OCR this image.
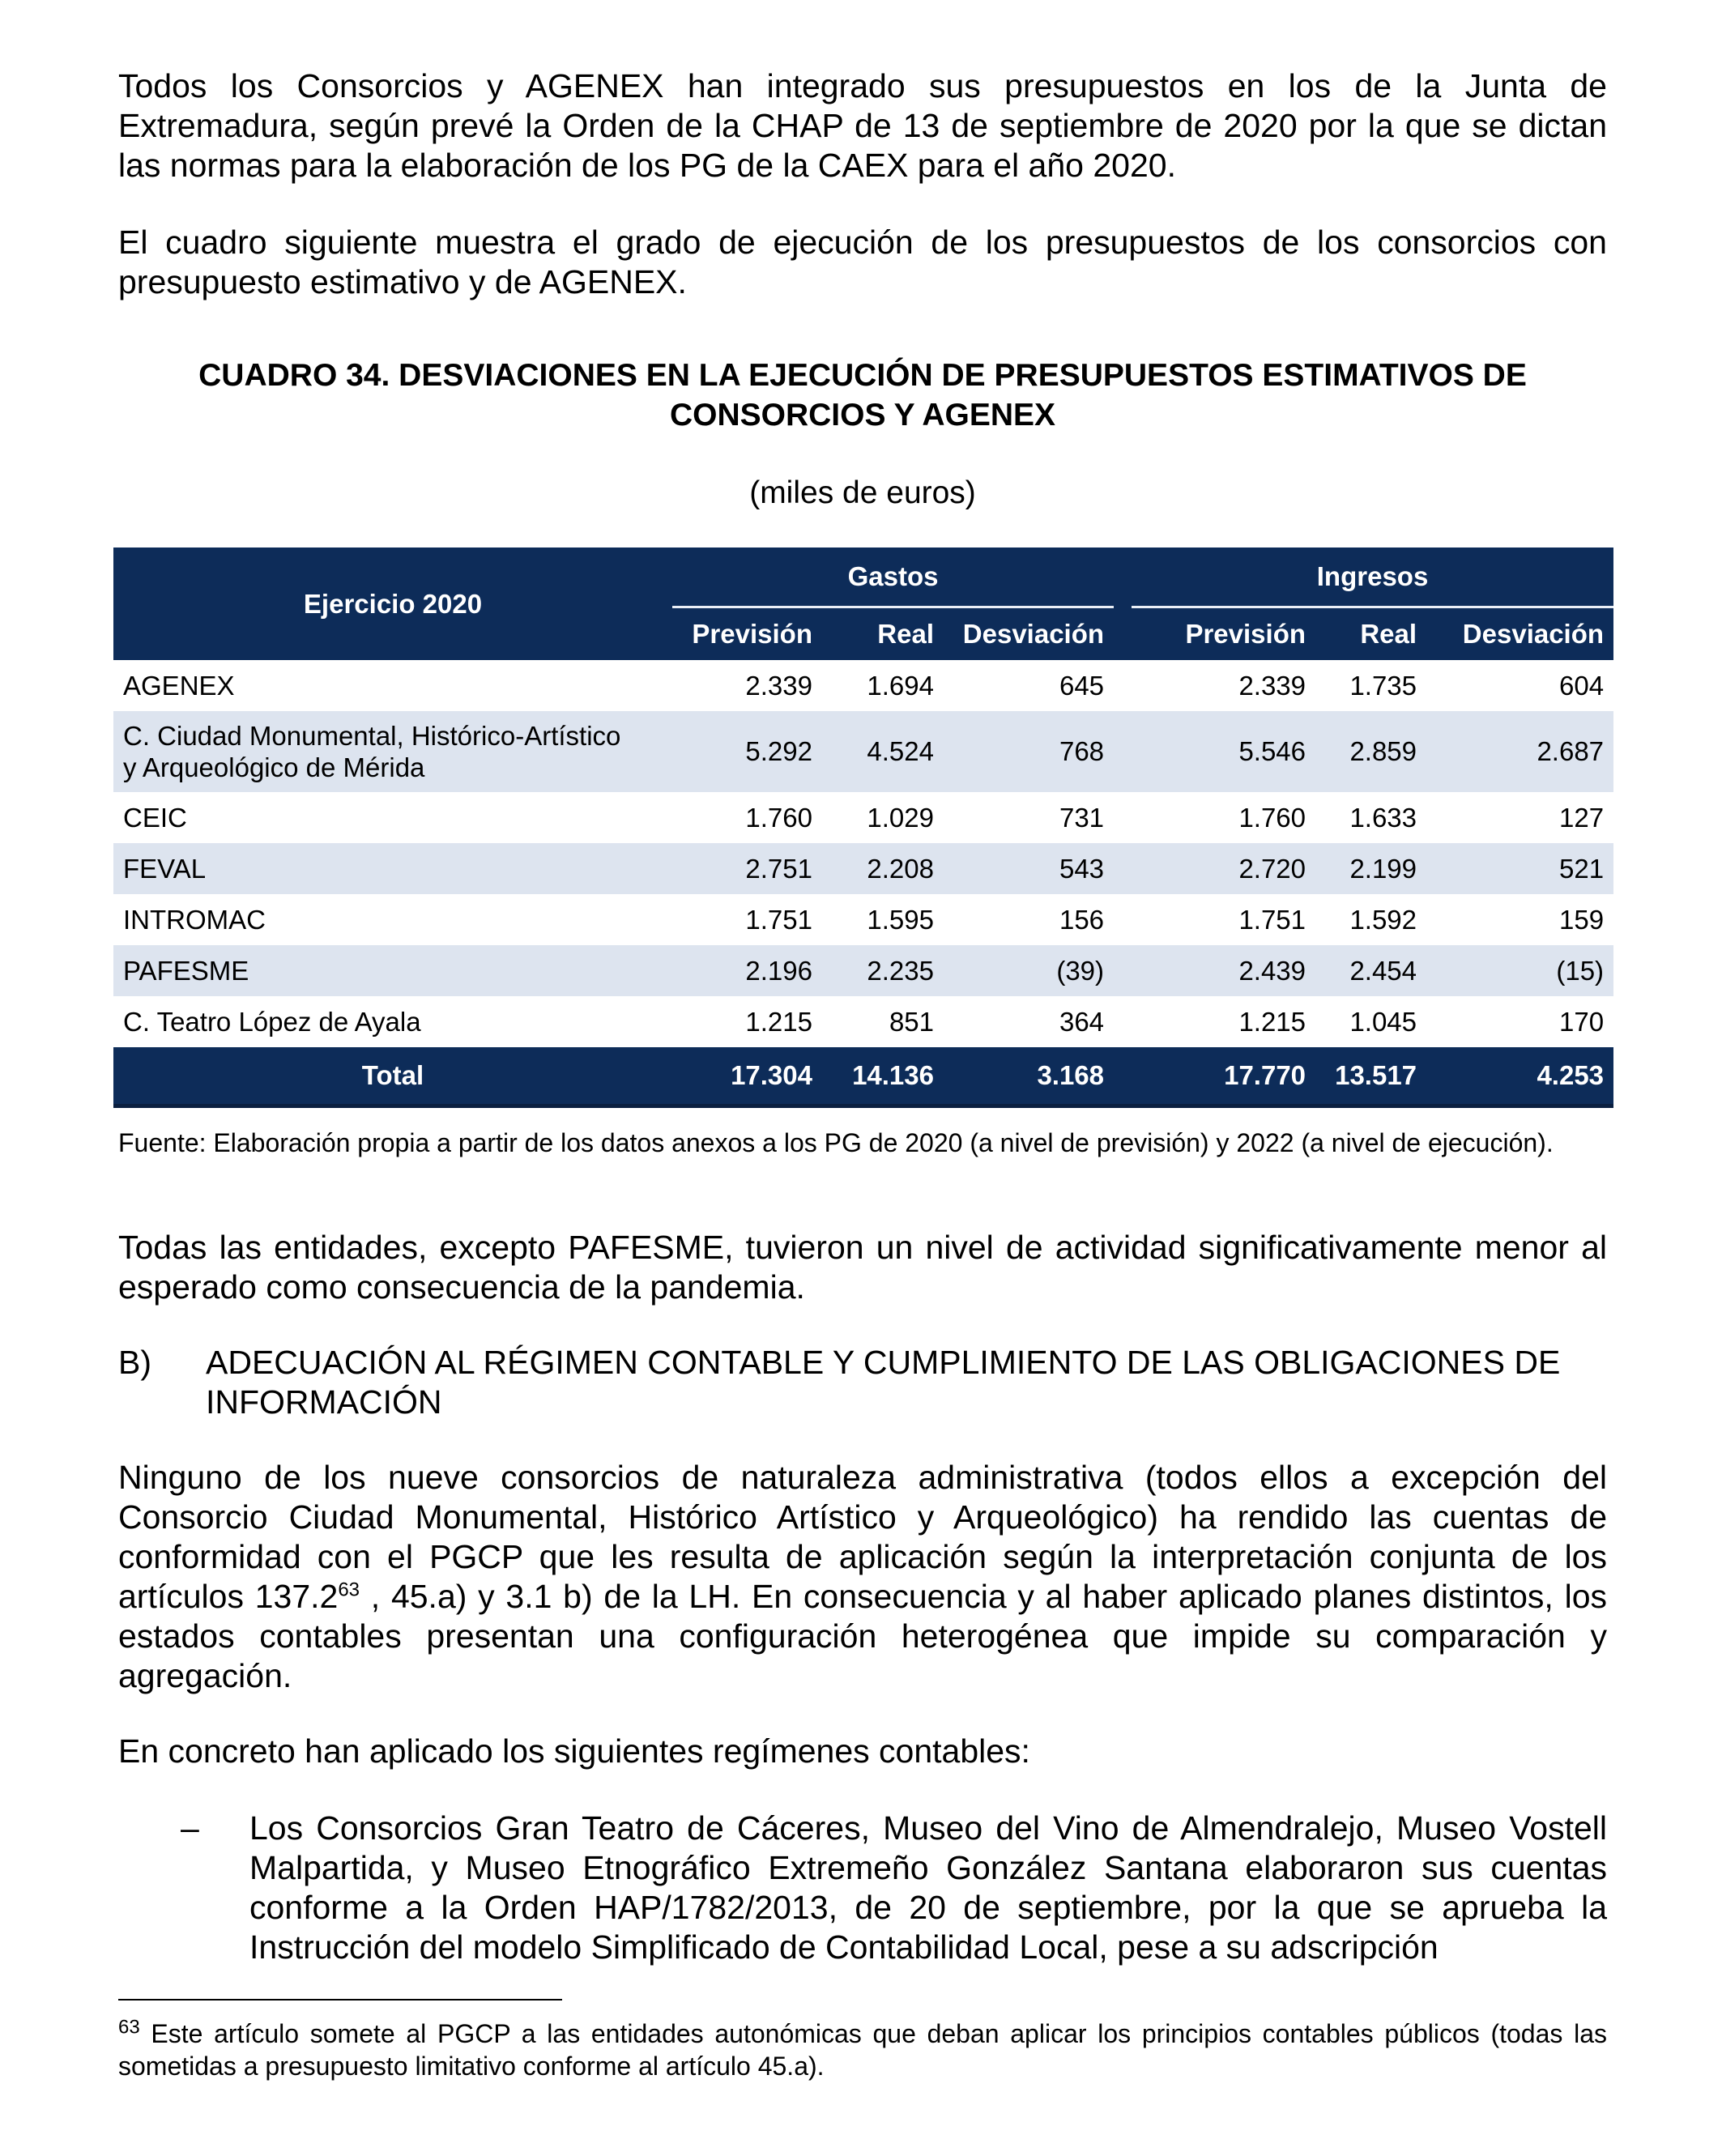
Todos los Consorcios y AGENEX han integrado sus presupuestos en los de la Junta de Extremadura, según prevé la Orden de la CHAP de 13 de septiembre de 2020 por la que se dictan las normas para la elaboración de los PG de la CAEX para el año 2020.

El cuadro siguiente muestra el grado de ejecución de los presupuestos de los consorcios con presupuesto estimativo y de AGENEX.

CUADRO 34. DESVIACIONES EN LA EJECUCIÓN DE PRESUPUESTOS ESTIMATIVOS DE

CONSORCIOS Y AGENEX

(miles de euros)

Ejercicio 2020	Gastos				Ingresos		
	Previsión	Real	Desviación		Previsión	Real	Desviación
AGENEX	2.339	1.694	645		2.339	1.735	604

C. Ciudad Monumental, Histórico-Artístico
y Arqueológico de Mérida	5.292	4.524	768		5.546	2.859	2.687
CEIC	1.760	1.029	731		1.760	1.633	127
FEVAL	2.751	2.208	543		2.720	2.199	521
INTROMAC	1.751	1.595	156		1.751	1.592	159
PAFESME	2.196	2.235	(39)		2.439	2.454	(15)
C. Teatro López de Ayala	1.215	851	364		1.215	1.045	170
Total	17.304	14.136	3.168		17.770	13.517	4.253

Fuente: Elaboración propia a partir de los datos anexos a los PG de 2020 (a nivel de previsión) y 2022 (a nivel de ejecución).

Todas las entidades, excepto PAFESME, tuvieron un nivel de actividad significativamente menor al esperado como consecuencia de la pandemia.

B) ADECUACIÓN AL RÉGIMEN CONTABLE Y CUMPLIMIENTO DE LAS OBLIGACIONES DE INFORMACIÓN

Ninguno de los nueve consorcios de naturaleza administrativa (todos ellos a excepción del Consorcio Ciudad Monumental, Histórico Artístico y Arqueológico) ha rendido las cuentas de conformidad con el PGCP que les resulta de aplicación según la interpretación conjunta de los artículos 137.2$^{63}$ , 45.a) y 3.1 b) de la LH. En consecuencia y al haber aplicado planes distintos, los estados contables presentan una configuración heterogénea que impide su comparación y agregación.

En concreto han aplicado los siguientes regímenes contables:

– Los Consorcios Gran Teatro de Cáceres, Museo del Vino de Almendralejo, Museo Vostell Malpartida, y Museo Etnográfico Extremeño González Santana elaboraron sus cuentas conforme a la Orden HAP/1782/2013, de 20 de septiembre, por la que se aprueba la Instrucción del modelo Simplificado de Contabilidad Local, pese a su adscripción

$^{63}$ Este artículo somete al PGCP a las entidades autonómicas que deban aplicar los principios contables públicos (todas las sometidas a presupuesto limitativo conforme al artículo 45.a).
